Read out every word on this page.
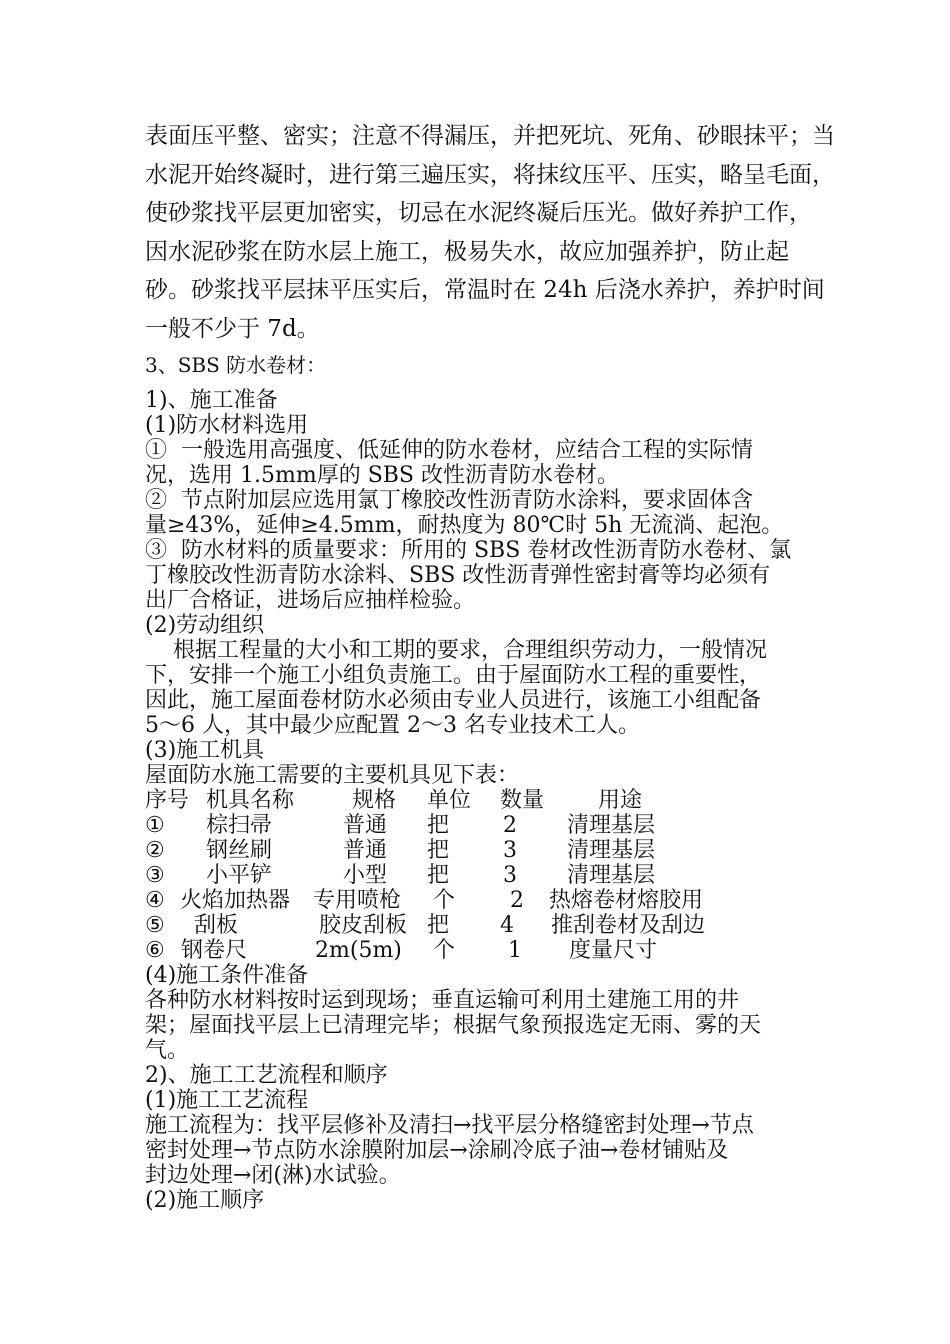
表面压平整、密实；注意不得漏压，并把死坑、死角、砂眼抹平；当
水泥开始终凝时，进行第三遍压实，将抹纹压平、压实，略呈毛面，
使砂浆找平层更加密实，切忌在水泥终凝后压光。做好养护工作，
因水泥砂浆在防水层上施工，极易失水，故应加强养护，防止起
砂。砂浆找平层抹平压实后，常温时在 24h 后浇水养护，养护时间
一般不少于 7d。
3、SBS 防水卷材：
1)、施工准备
(1)防水材料选用
①  一般选用高强度、低延伸的防水卷材，应结合工程的实际情
况，选用 1.5mm厚的 SBS 改性沥青防水卷材。
②  节点附加层应选用氯丁橡胶改性沥青防水涂料，要求固体含
量≥43%，延伸≥4.5mm，耐热度为 80℃时 5h 无流淌、起泡。
③  防水材料的质量要求：所用的 SBS 卷材改性沥青防水卷材、氯
丁橡胶改性沥青防水涂料、SBS 改性沥青弹性密封膏等均必须有
出厂合格证，进场后应抽样检验。
(2)劳动组织
根据工程量的大小和工期的要求，合理组织劳动力，一般情况
下，安排一个施工小组负责施工。由于屋面防水工程的重要性，
因此，施工屋面卷材防水必须由专业人员进行，该施工小组配备
5～6 人，其中最少应配置 2～3 名专业技术工人。
(3)施工机具
屋面防水施工需要的主要机具见下表：
序号 机具名称	规格 单位 数量 用途
① 棕扫帚	普通 把 2 清理基层
② 钢丝刷	普通 把 3 清理基层
③ 小平铲	小型 把 3 清理基层
④ 火焰加热器 专用喷枪 个 2 热熔卷材熔胶用
⑤ 刮板	胶皮刮板 把 4 推刮卷材及刮边
⑥ 钢卷尺	2m(5m) 个 1 度量尺寸
(4)施工条件准备
各种防水材料按时运到现场；垂直运输可利用土建施工用的井
架；屋面找平层上已清理完毕；根据气象预报选定无雨、雾的天
气。
2)、施工工艺流程和顺序
(1)施工工艺流程
施工流程为：找平层修补及清扫→找平层分格缝密封处理→节点
密封处理→节点防水涂膜附加层→涂刷冷底子油→卷材铺贴及
封边处理→闭(淋)水试验。
(2)施工顺序
